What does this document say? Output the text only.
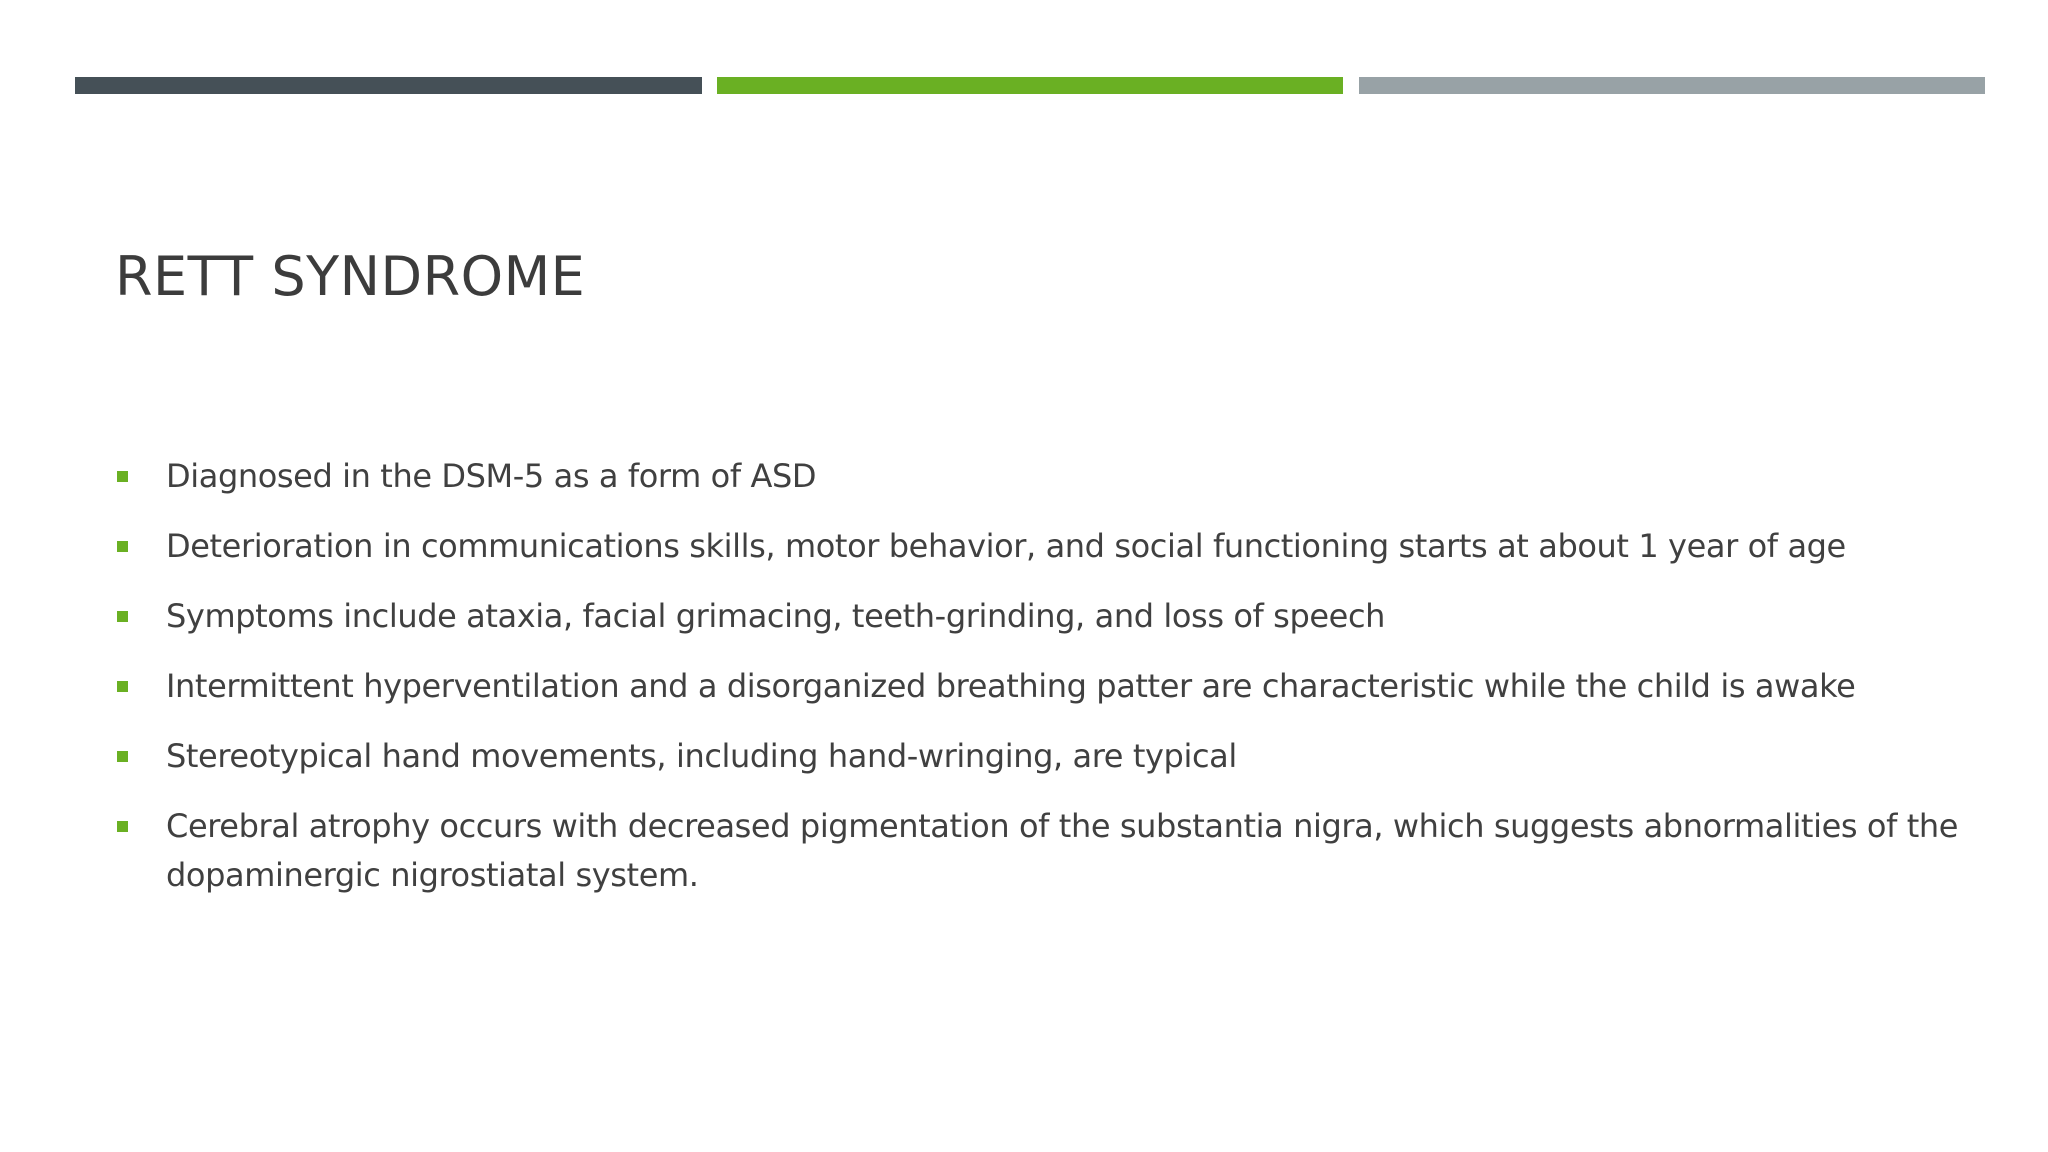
RETT SYNDROME
Diagnosed in the DSM-5 as a form of ASD
Deterioration in communications skills, motor behavior, and social functioning starts at about 1 year of age
Symptoms include ataxia, facial grimacing, teeth-grinding, and loss of speech
Intermittent hyperventilation and a disorganized breathing patter are characteristic while the child is awake
Stereotypical hand movements, including hand-wringing, are typical
Cerebral atrophy occurs with decreased pigmentation of the substantia nigra, which suggests abnormalities of the dopaminergic nigrostiatal system.
